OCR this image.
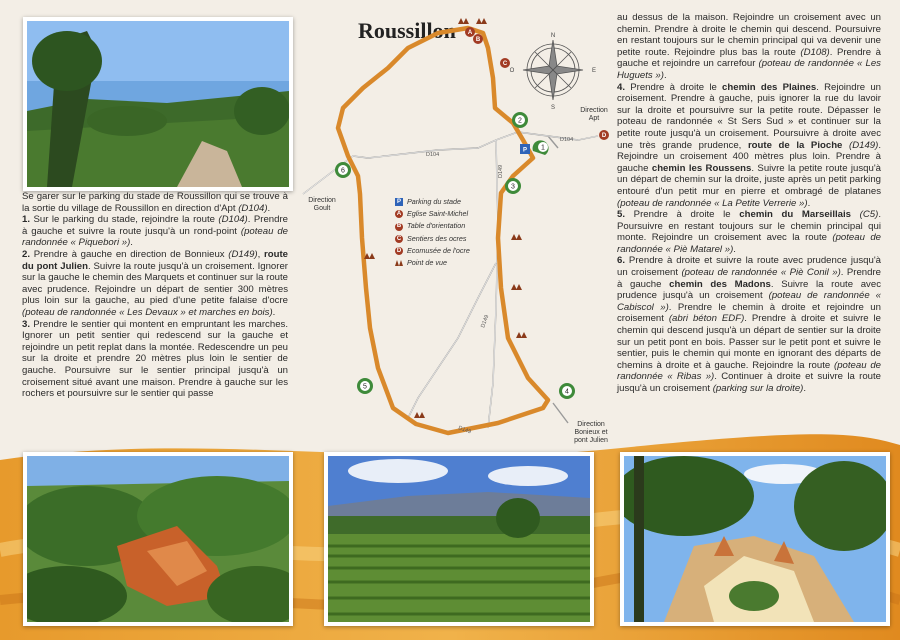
Se garer sur le parking du stade de Roussillon qui se trouve à la sortie du village de Roussillon en direction d'Apt (D104).

1. Sur le parking du stade, rejoindre la route (D104). Prendre à gauche et suivre la route jusqu'à un rond-point (poteau de randonnée « Piquebori »).

2. Prendre à gauche en direction de Bonnieux (D149), route du pont Julien. Suivre la route jusqu'à un croisement. Ignorer sur la gauche le chemin des Marquets et continuer sur la route avec prudence. Rejoindre un départ de sentier 300 mètres plus loin sur la gauche, au pied d'une petite falaise d'ocre (poteau de randonnée « Les Devaux » et marches en bois).

3. Prendre le sentier qui montent en empruntant les marches. Ignorer un petit sentier qui redescend sur la gauche et rejoindre un petit replat dans la montée. Redescendre un peu sur la droite et prendre 20 mètres plus loin le sentier de gauche. Poursuivre sur le sentier principal jusqu'à un croisement situé avant une maison. Prendre à gauche sur les rochers et poursuivre sur le sentier qui passe

au dessus de la maison. Rejoindre un croisement avec un chemin. Prendre à droite le chemin qui descend. Poursuivre en restant toujours sur le chemin principal qui va devenir une petite route. Rejoindre plus bas la route (D108). Prendre à gauche et rejoindre un carrefour (poteau de randonnée « Les Huguets »).

4. Prendre à droite le chemin des Plaines. Rejoindre un croisement. Prendre à gauche, puis ignorer la rue du lavoir sur la droite et poursuivre sur la petite route. Dépasser le poteau de randonnée « St Sers Sud » et continuer sur la petite route jusqu'à un croisement. Poursuivre à droite avec une très grande prudence, route de la Pioche (D149). Rejoindre un croisement 400 mètres plus loin. Prendre à gauche chemin les Roussens. Suivre la petite route jusqu'à un départ de chemin sur la droite, juste après un petit parking entouré d'un petit mur en pierre et ombragé de platanes (poteau de randonnée « La Petite Verrerie »).

5. Prendre à droite le chemin du Marseillais (C5). Poursuivre en restant toujours sur le chemin principal qui monte. Rejoindre un croisement avec la route (poteau de randonnée « Piè Matarel »).

6. Prendre à droite et suivre la route avec prudence jusqu'à un croisement (poteau de randonnée « Piè Conil »). Prendre à gauche chemin des Madons. Suivre la route avec prudence jusqu'à un croisement (poteau de randonnée « Cabiscol »). Prendre le chemin à droite et rejoindre un croisement (abri béton EDF). Prendre à droite et suivre le chemin qui descend jusqu'à un départ de sentier sur la droite sur un petit pont en bois. Passer sur le petit pont et suivre le sentier, puis le chemin qui monte en ignorant des départs de chemins à droite et à gauche. Rejoindre la route (poteau de randonnée « Ribas »). Continuer à droite et suivre la route jusqu'à un croisement (parking sur la droite).

Roussillon	N
S
E
O
D104
D104
D149
D149
D149
1
2
3
4
5
6
A
B
C
D
P
Direction
Goult
Direction
Apt
Direction
Bonieux et
pont Julien
P Parking du stade
A Eglise Saint-Michel
B Table d'orientation
C Sentiers des ocres
D Ecomusée de l'ocre
Point de vue
